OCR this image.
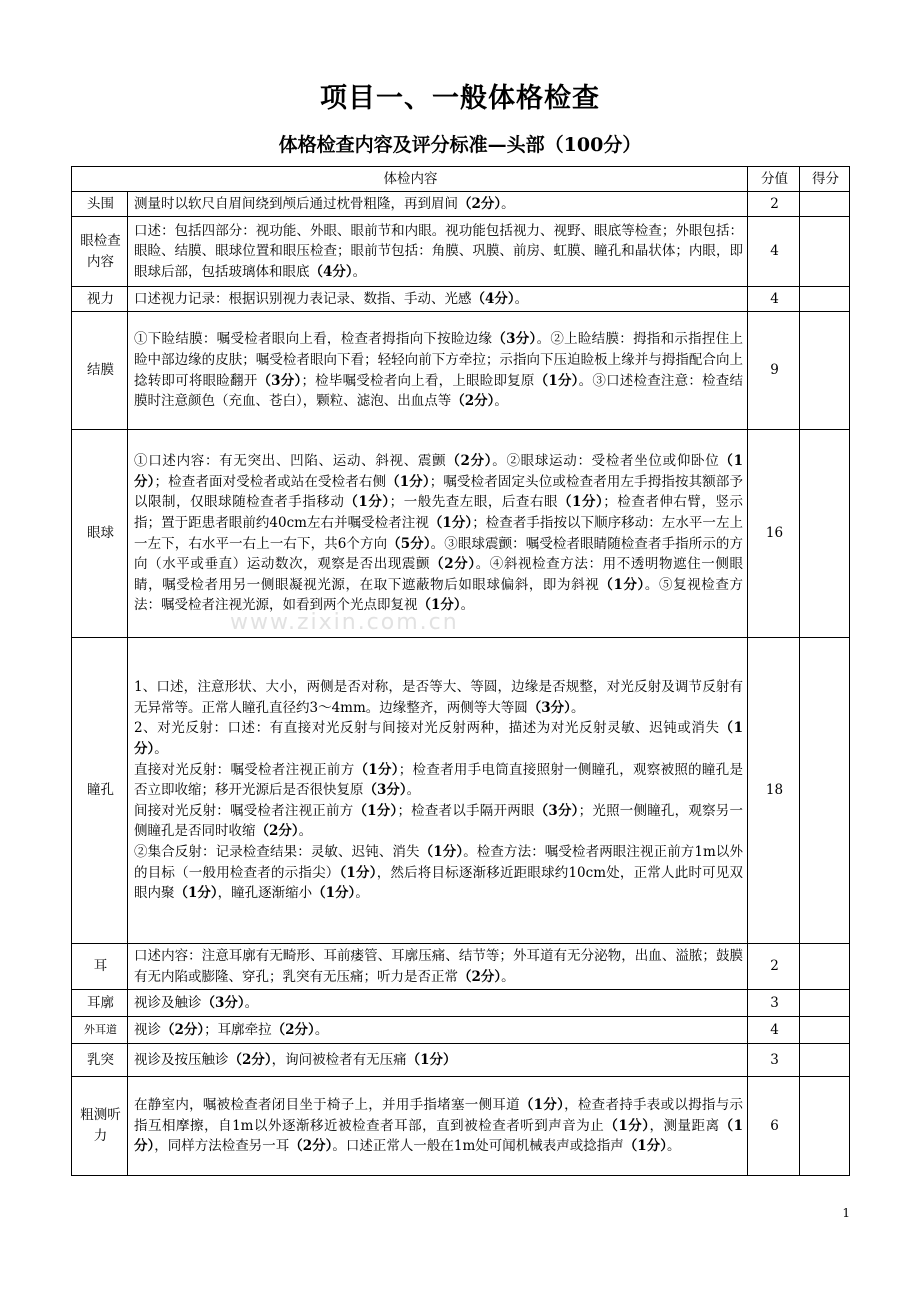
项目一、一般体格检查
体格检查内容及评分标准—头部（100分）
体检内容		分值	得分
头围	测量时以软尺自眉间绕到颅后通过枕骨粗隆，再到眉间（2分）。	2	
眼检查内容	口述：包括四部分：视功能、外眼、眼前节和内眼。视功能包括视力、视野、眼底等检查；外眼包括：眼睑、结膜、眼球位置和眼压检查；眼前节包括：角膜、巩膜、前房、虹膜、瞳孔和晶状体；内眼，即眼球后部，包括玻璃体和眼底（4分）。	4	
视力	口述视力记录：根据识别视力表记录、数指、手动、光感（4分）。	4	
结膜	①下睑结膜：嘱受检者眼向上看，检查者拇指向下按睑边缘（3分）。②上睑结膜：拇指和示指捏住上睑中部边缘的皮肤；嘱受检者眼向下看；轻轻向前下方牵拉；示指向下压迫睑板上缘并与拇指配合向上捻转即可将眼睑翻开（3分）；检毕嘱受检者向上看，上眼睑即复原（1分）。③口述检查注意：检查结膜时注意颜色（充血、苍白），颗粒、滤泡、出血点等（2分）。	9	
眼球	①口述内容：有无突出、凹陷、运动、斜视、震颤（2分）。②眼球运动：受检者坐位或仰卧位（1分）；检查者面对受检者或站在受检者右侧（1分）；嘱受检者固定头位或检查者用左手拇指按其额部予以限制，仅眼球随检查者手指移动（1分）；一般先查左眼，后查右眼（1分）；检查者伸右臂，竖示指；置于距患者眼前约40cm左右并嘱受检者注视（1分）；检查者手指按以下顺序移动：左水平一左上一左下，右水平一右上一右下，共6个方向（5分）。③眼球震颤：嘱受检者眼睛随检查者手指所示的方向（水平或垂直）运动数次，观察是否出现震颤（2分）。④斜视检查方法：用不透明物遮住一侧眼睛，嘱受检者用另一侧眼凝视光源，在取下遮蔽物后如眼球偏斜，即为斜视（1分）。⑤复视检查方法：嘱受检者注视光源，如看到两个光点即复视（1分）。	16	
瞳孔	1、口述，注意形状、大小，两侧是否对称，是否等大、等圆，边缘是否规整，对光反射及调节反射有无异常等。正常人瞳孔直径约3～4mm。边缘整齐，两侧等大等圆（3分）。
2、对光反射：口述：有直接对光反射与间接对光反射两种，描述为对光反射灵敏、迟钝或消失（1分）。
直接对光反射：嘱受检者注视正前方（1分）；检查者用手电筒直接照射一侧瞳孔，观察被照的瞳孔是否立即收缩；移开光源后是否很快复原（3分）。
间接对光反射：嘱受检者注视正前方（1分）；检查者以手隔开两眼（3分）；光照一侧瞳孔，观察另一侧瞳孔是否同时收缩（2分）。
②集合反射：记录检查结果：灵敏、迟钝、消失（1分）。检查方法：嘱受检者两眼注视正前方1m以外的目标（一般用检查者的示指尖）（1分），然后将目标逐渐移近距眼球约10cm处，正常人此时可见双眼内聚（1分），瞳孔逐渐缩小（1分）。	18	
耳	口述内容：注意耳廓有无畸形、耳前瘘管、耳廓压痛、结节等；外耳道有无分泌物，出血、溢脓；鼓膜有无内陷或膨隆、穿孔；乳突有无压痛；听力是否正常（2分）。	2	
耳廓	视诊及触诊（3分）。	3	
外耳道	视诊（2分）；耳廓牵拉（2分）。	4	
乳突	视诊及按压触诊（2分），询问被检者有无压痛（1分）	3	
粗测听力	在静室内，嘱被检查者闭目坐于椅子上，并用手指堵塞一侧耳道（1分），检查者持手表或以拇指与示指互相摩擦，自1m以外逐渐移近被检查者耳部，直到被检查者听到声音为止（1分），测量距离（1分），同样方法检查另一耳（2分）。口述正常人一般在1m处可闻机械表声或捻指声（1分）。	6	
www.zixin.com.cn
1
